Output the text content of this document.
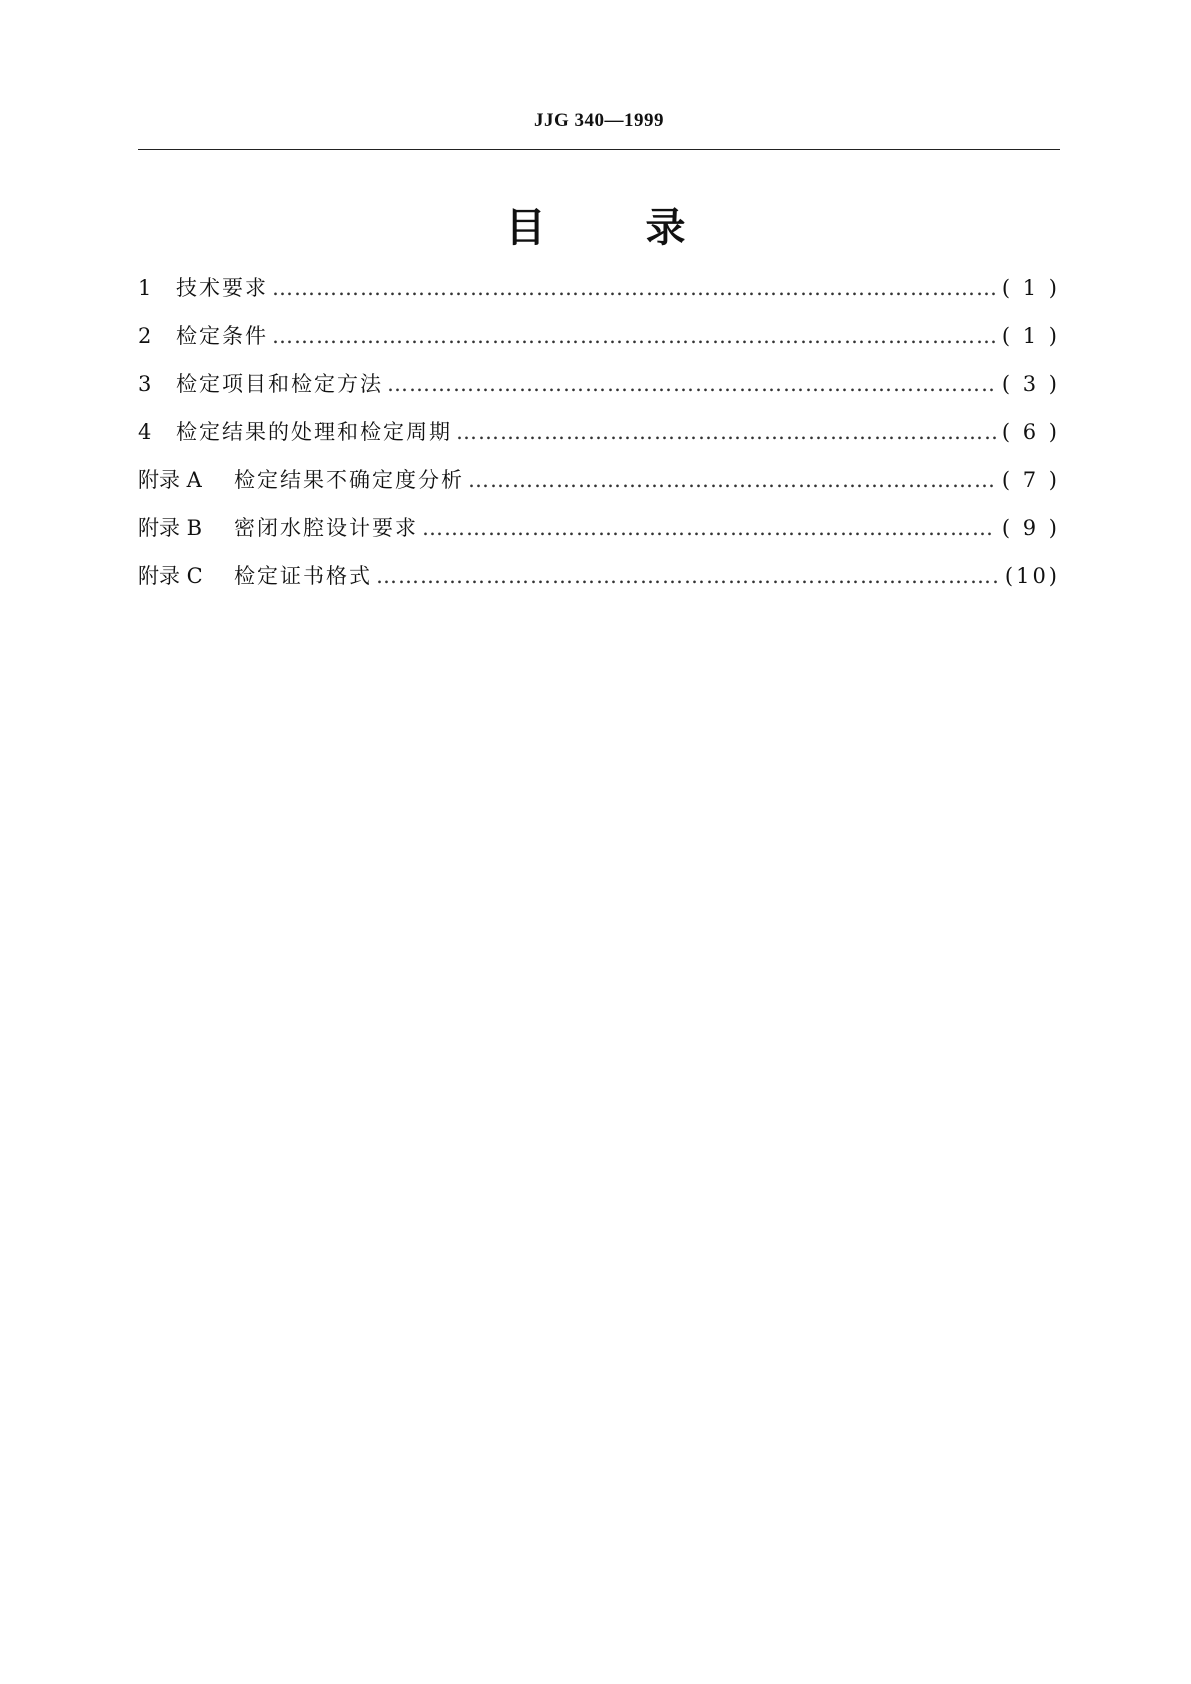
JJG 340—1999
目	录
1	技术要求 …………………………………………………………………………………………………………………………………………………………………………………………	( 1 )
2	检定条件 …………………………………………………………………………………………………………………………………………………………………………………………	( 1 )
3	检定项目和检定方法 …………………………………………………………………………………………………………………………………………………………………………………………	( 3 )
4	检定结果的处理和检定周期 …………………………………………………………………………………………………………………………………………………………………………………………	( 6 )
附录 A	检定结果不确定度分析 …………………………………………………………………………………………………………………………………………………………………………………………	( 7 )
附录 B	密闭水腔设计要求 …………………………………………………………………………………………………………………………………………………………………………………………	( 9 )
附录 C	检定证书格式 …………………………………………………………………………………………………………………………………………………………………………………………	(10)
